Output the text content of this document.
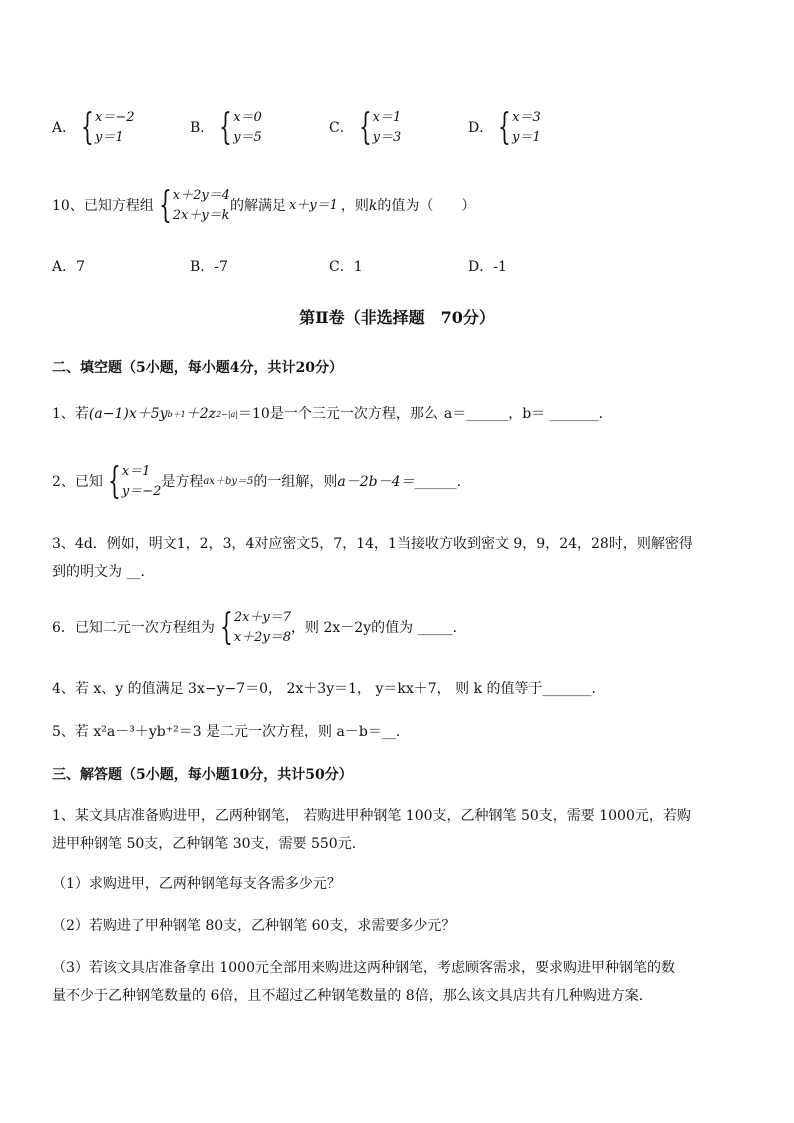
A． { x＝−2
y＝1
B． { x＝0
y＝5
C． { x＝1
y＝3
D． { x＝3
y＝1
10、已知方程组 { x＋2y＝4
2x＋y＝k
的解满足 x＋y＝1 ，则 k 的值为（　　）
A．7	B．-7	C．1	D．-1
第Ⅱ卷（非选择题　70分）
二、填空题（5小题，每小题4分，共计20分）
1、若 (a−1)x＋5y b＋1 ＋2z 2−|a| ＝10 是一个三元一次方程，那么 a＝______，b＝ _______．
2、已知 { x＝1
y＝−2
是方程 ax＋by＝5 的一组解，则 a－2b－4＝______．
3、4d．例如，明文1，2，3，4对应密文5，7，14，1当接收方收到密文 9，9，24，28时，则解密得
到的明文为 __．
6．已知二元一次方程组为 { 2x＋y＝7
x＋2y＝8
，则 2x－2y的值为 _____．
4、若 x、y 的值满足 3x−y−7＝0， 2x＋3y＝1， y＝kx＋7， 则 k 的值等于_______．
5、若 x²a－³＋yb⁺²＝3 是二元一次方程，则 a－b＝__．
三、解答题（5小题，每小题10分，共计50分）
1、某文具店准备购进甲，乙两种钢笔， 若购进甲种钢笔 100支，乙种钢笔 50支，需要 1000元，若购
进甲种钢笔 50支，乙种钢笔 30支，需要 550元．
（1）求购进甲，乙两种钢笔每支各需多少元？
（2）若购进了甲种钢笔 80支，乙种钢笔 60支，求需要多少元？
（3）若该文具店准备拿出 1000元全部用来购进这两种钢笔，考虑顾客需求，要求购进甲种钢笔的数
量不少于乙种钢笔数量的 6倍，且不超过乙种钢笔数量的 8倍，那么该文具店共有几种购进方案．
